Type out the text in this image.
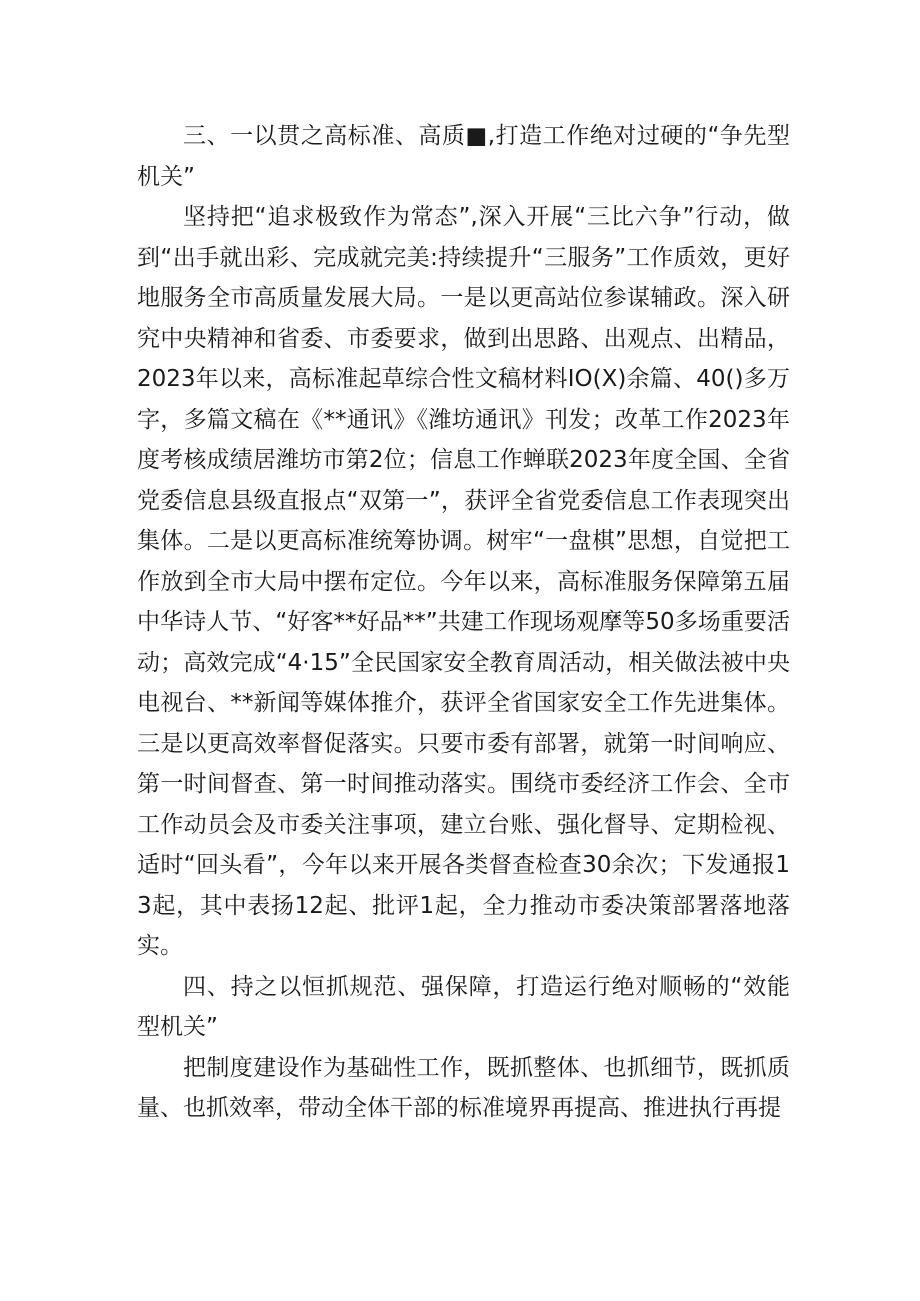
三、一以贯之高标准、高质■,打造工作绝对过硬的“争先型机关”

坚持把“追求极致作为常态”,深入开展“三比六争”行动，做到“出手就出彩、完成就完美:持续提升“三服务”工作质效，更好地服务全市高质量发展大局。一是以更高站位参谋辅政。深入研究中央精神和省委、市委要求，做到出思路、出观点、出精品，2023年以来，高标准起草综合性文稿材料IO(X)余篇、40()多万字，多篇文稿在《**通讯》《潍坊通讯》刊发；改革工作2023年度考核成绩居潍坊市第2位；信息工作蝉联2023年度全国、全省党委信息县级直报点“双第一”，获评全省党委信息工作表现突出集体。二是以更高标准统筹协调。树牢“一盘棋”思想，自觉把工作放到全市大局中摆布定位。今年以来，高标准服务保障第五届中华诗人节、“好客**好品**”共建工作现场观摩等50多场重要活动；高效完成“4·15”全民国家安全教育周活动，相关做法被中央电视台、**新闻等媒体推介，获评全省国家安全工作先进集体。三是以更高效率督促落实。只要市委有部署，就第一时间响应、第一时间督查、第一时间推动落实。围绕市委经济工作会、全市工作动员会及市委关注事项，建立台账、强化督导、定期检视、适时“回头看”，今年以来开展各类督查检查30余次；下发通报13起，其中表扬12起、批评1起，全力推动市委决策部署落地落实。

四、持之以恒抓规范、强保障，打造运行绝对顺畅的“效能型机关”

把制度建设作为基础性工作，既抓整体、也抓细节，既抓质量、也抓效率，带动全体干部的标准境界再提高、推进执行再提
